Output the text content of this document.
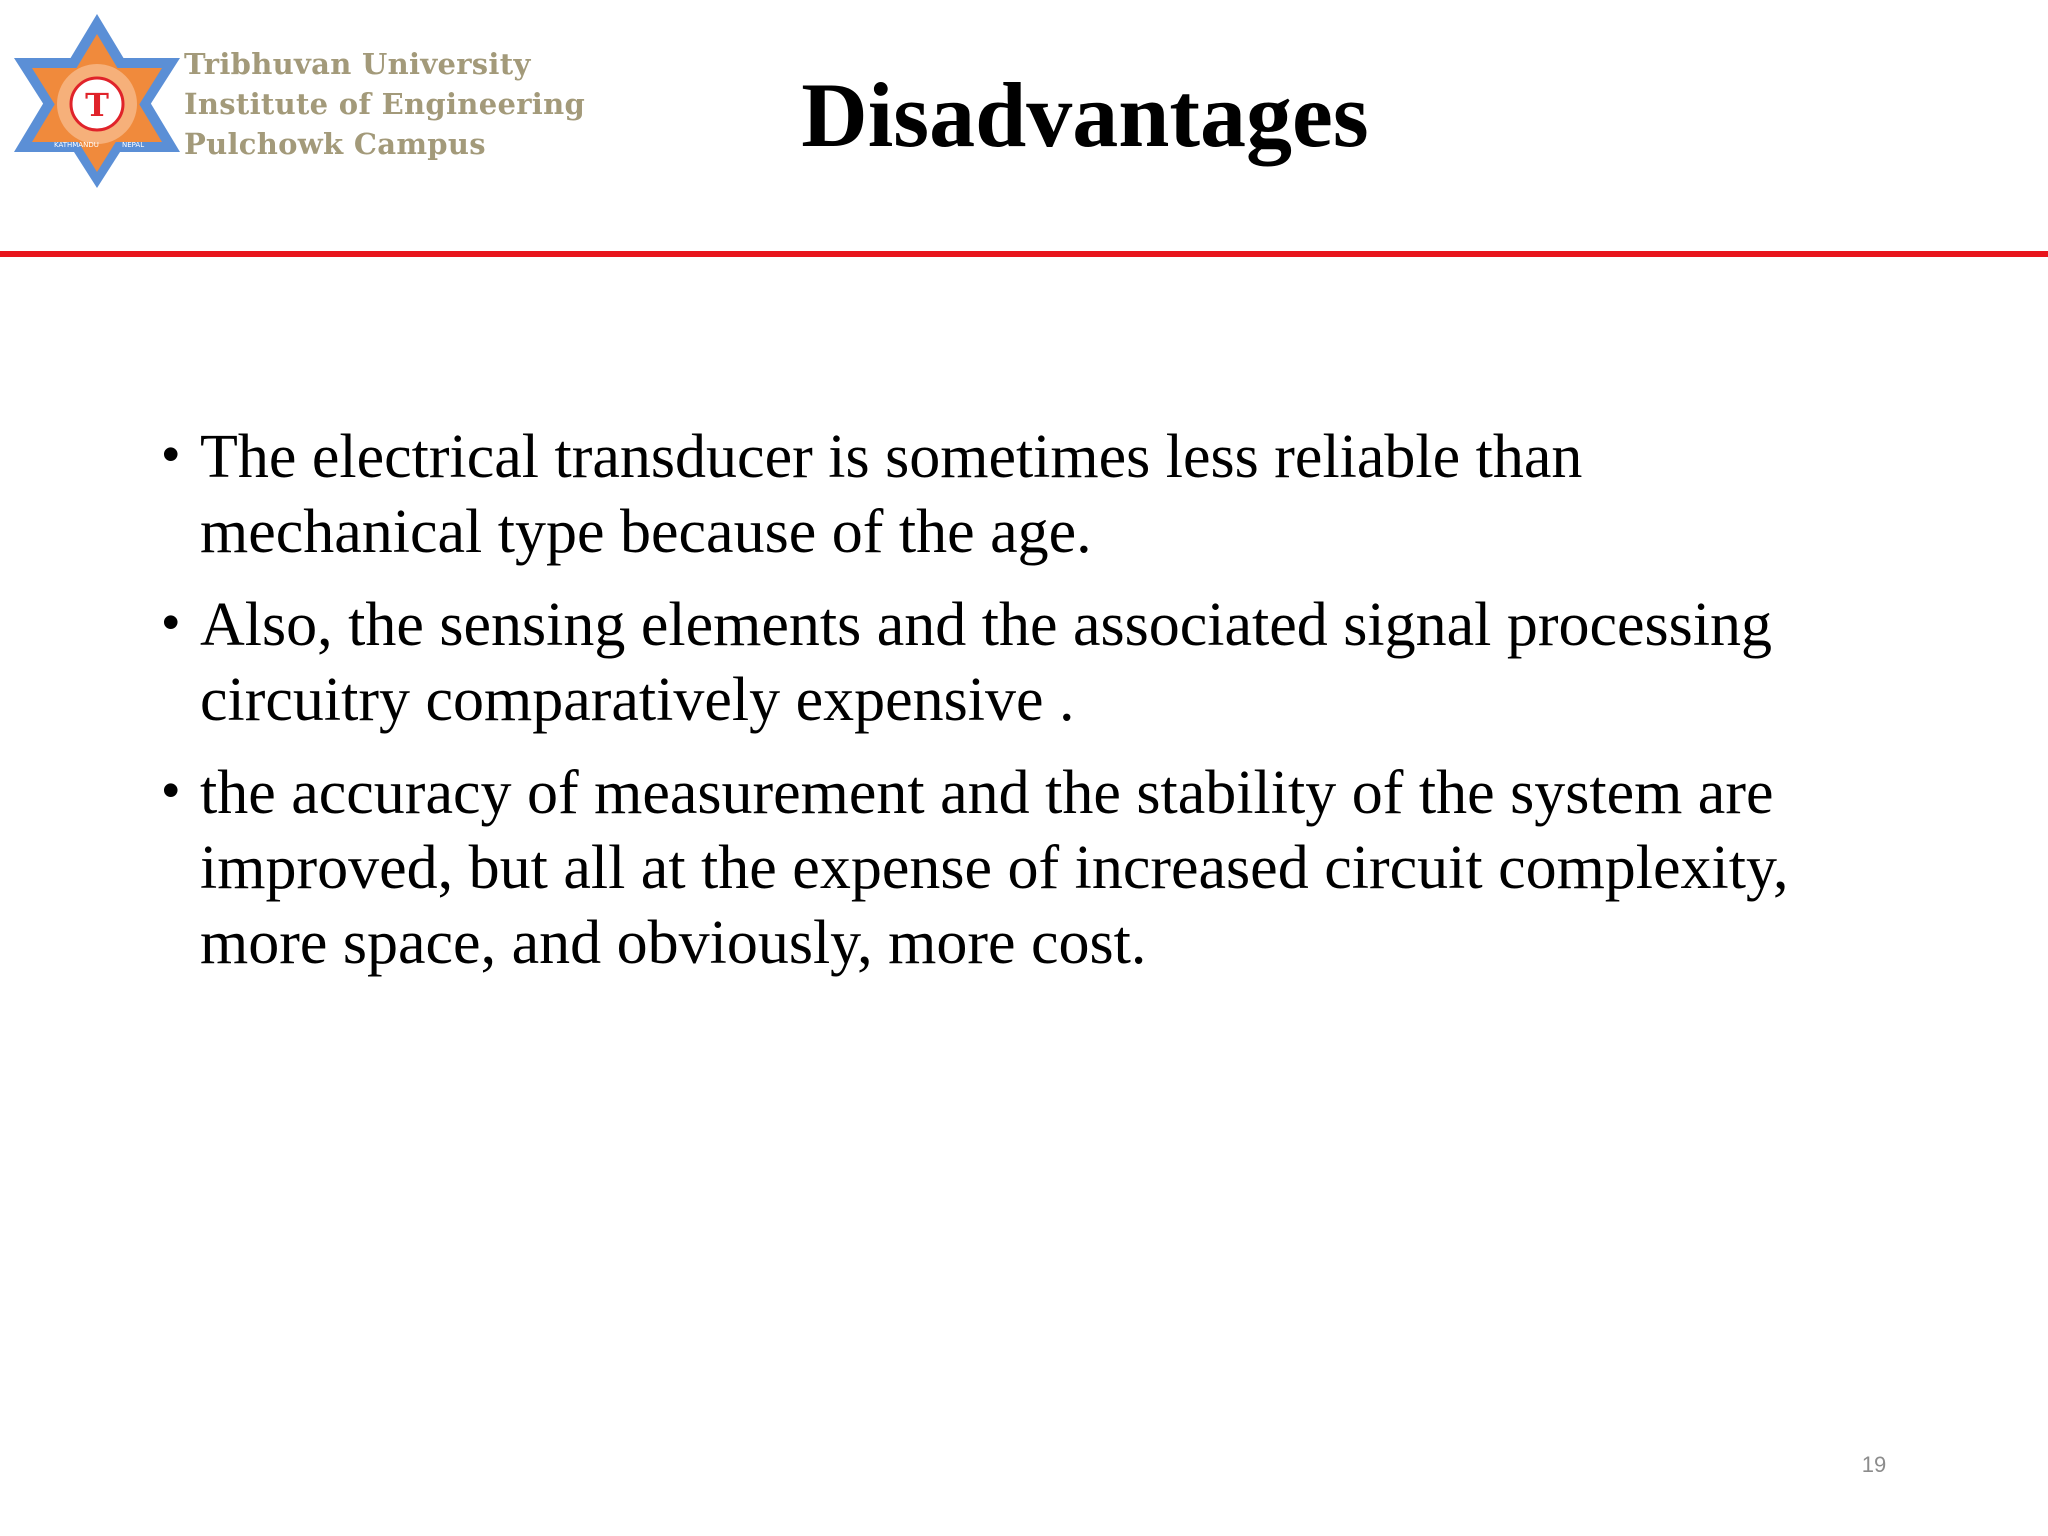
T
KATHMANDU	NEPAL
Tribhuvan University
Institute of Engineering
Pulchowk Campus	Disadvantages
• The electrical transducer is sometimes less reliable than mechanical type because of the age.
• Also, the sensing elements and the associated signal processing circuitry comparatively expensive .
• the accuracy of measurement and the stability of the system are improved, but all at the expense of increased circuit complexity, more space, and obviously, more cost.
19
